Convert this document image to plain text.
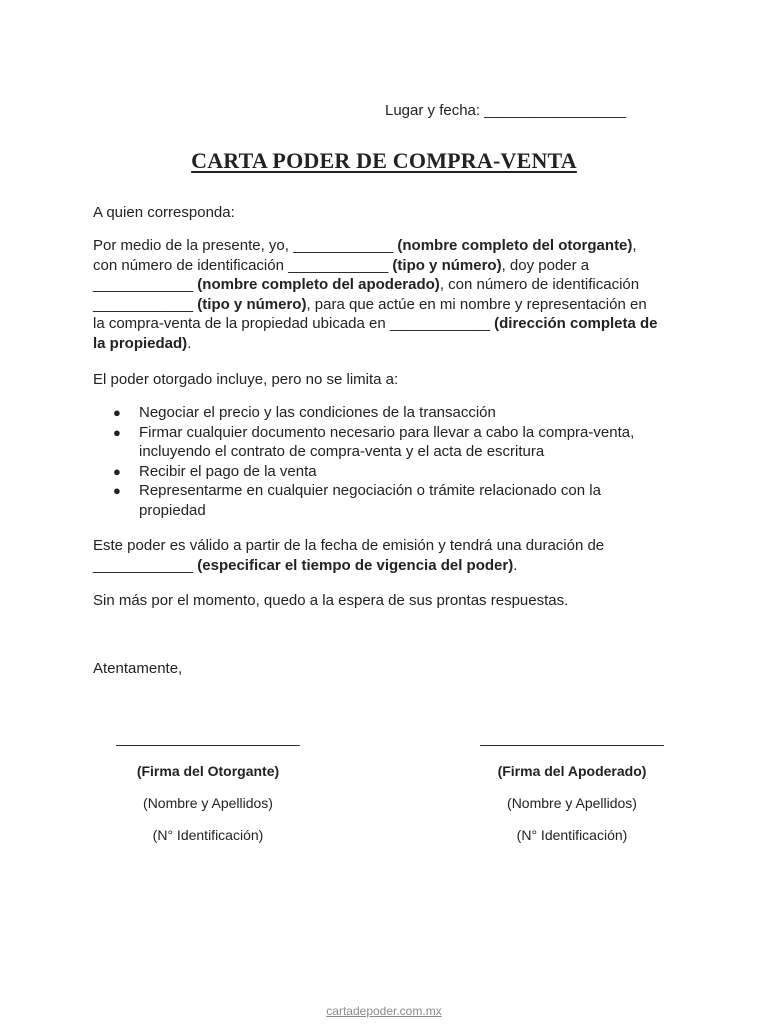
Lugar y fecha: _________________
CARTA PODER DE COMPRA-VENTA

A quien corresponda:

Por medio de la presente, yo, ____________ (nombre completo del otorgante), con número de identificación ____________ (tipo y número), doy poder a ____________ (nombre completo del apoderado), con número de identificación ____________ (tipo y número), para que actúe en mi nombre y representación en la compra-venta de la propiedad ubicada en ____________ (dirección completa de la propiedad).

El poder otorgado incluye, pero no se limita a:

● Negociar el precio y las condiciones de la transacción
● Firmar cualquier documento necesario para llevar a cabo la compra-venta, incluyendo el contrato de compra-venta y el acta de escritura
● Recibir el pago de la venta
● Representarme en cualquier negociación o trámite relacionado con la propiedad

Este poder es válido a partir de la fecha de emisión y tendrá una duración de ____________ (especificar el tiempo de vigencia del poder).

Sin más por el momento, quedo a la espera de sus prontas respuestas.

Atentamente,

______________________
(Firma del Otorgante)
(Nombre y Apellidos)
(N° Identificación)
______________________
(Firma del Apoderado)
(Nombre y Apellidos)
(N° Identificación)
cartadepoder.com.mx
